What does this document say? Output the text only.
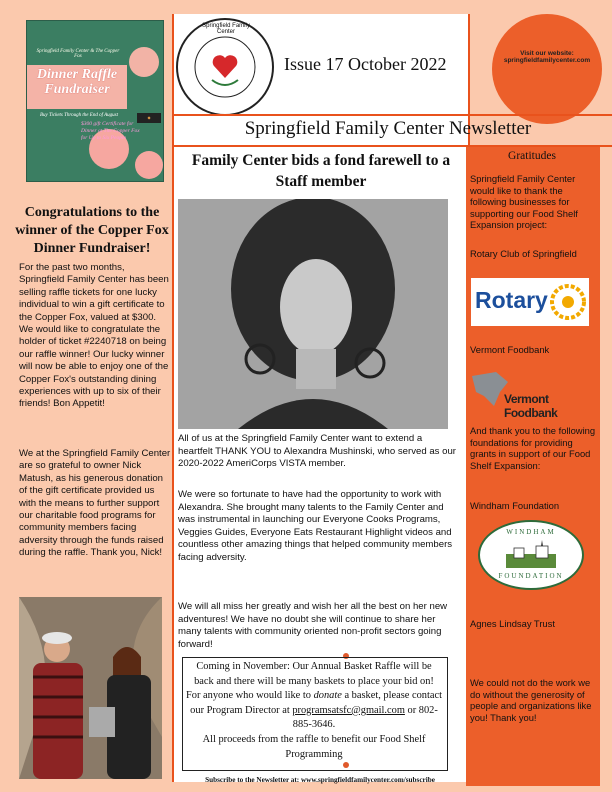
Springfield Family Center & The Copper Fox
Dinner Raffle Fundraiser
Buy Tickets Through the End of August
$300 gift Certificate for Dinner at The Copper Fox for Up to Six People
◆
Congratulations to the winner of the Copper Fox Dinner Fundraiser!

For the past two months, Springfield Family Center has been selling raffle tickets for one lucky individual to win a gift certificate to the Copper Fox, valued at $300. We would like to congratulate the holder of ticket #2240718 on being our raffle winner! Our lucky winner will now be able to enjoy one of the Copper Fox's outstanding dining experiences with up to six of their friends! Bon Appetit!

We at the Springfield Family Center are so grateful to owner Nick Matush, as his generous donation of the gift certificate provided us with the means to further support our charitable food programs for community members facing adversity through the funds raised during the raffle. Thank you, Nick!

Springfield Family Center
Issue 17 October 2022
Visit our website:
springfieldfamilycenter.com
Springfield Family Center Newsletter
Family Center bids a fond farewell to a Staff member

All of us at the Springfield Family Center want to extend a heartfelt THANK YOU to Alexandra Mushinski, who served as our 2020-2022 AmeriCorps VISTA member.

We were so fortunate to have had the opportunity to work with Alexandra. She brought many talents to the Family Center and was instrumental in launching our Everyone Cooks Programs, Veggies Guides, Everyone Eats Restaurant Highlight videos and countless other amazing things that helped community members facing adversity.

We will all miss her greatly and wish her all the best on her new adventures! We have no doubt she will continue to share her many talents with community oriented non-profit sectors going forward!

Coming in November: Our Annual Basket Raffle will be back and there will be many baskets to place your bid on! For anyone who would like to donate a basket, please contact our Program Director at programsatsfc@gmail.com or 802-885-3646.
All proceeds from the raffle to benefit our Food Shelf Programming
Subscribe to the Newsletter at: www.springfieldfamilycenter.com/subscribe
Gratitudes

Springfield Family Center would like to thank the following businesses for supporting our Food Shelf Expansion project:

Rotary Club of Springfield

Rotary

Vermont Foodbank

Vermont Foodbank

And thank you to the following foundations for providing grants in support of our Food Shelf Expansion:

Windham Foundation

WINDHAM
FOUNDATION

Agnes Lindsay Trust

We could not do the work we do without the generosity of people and organizations like you! Thank you!
